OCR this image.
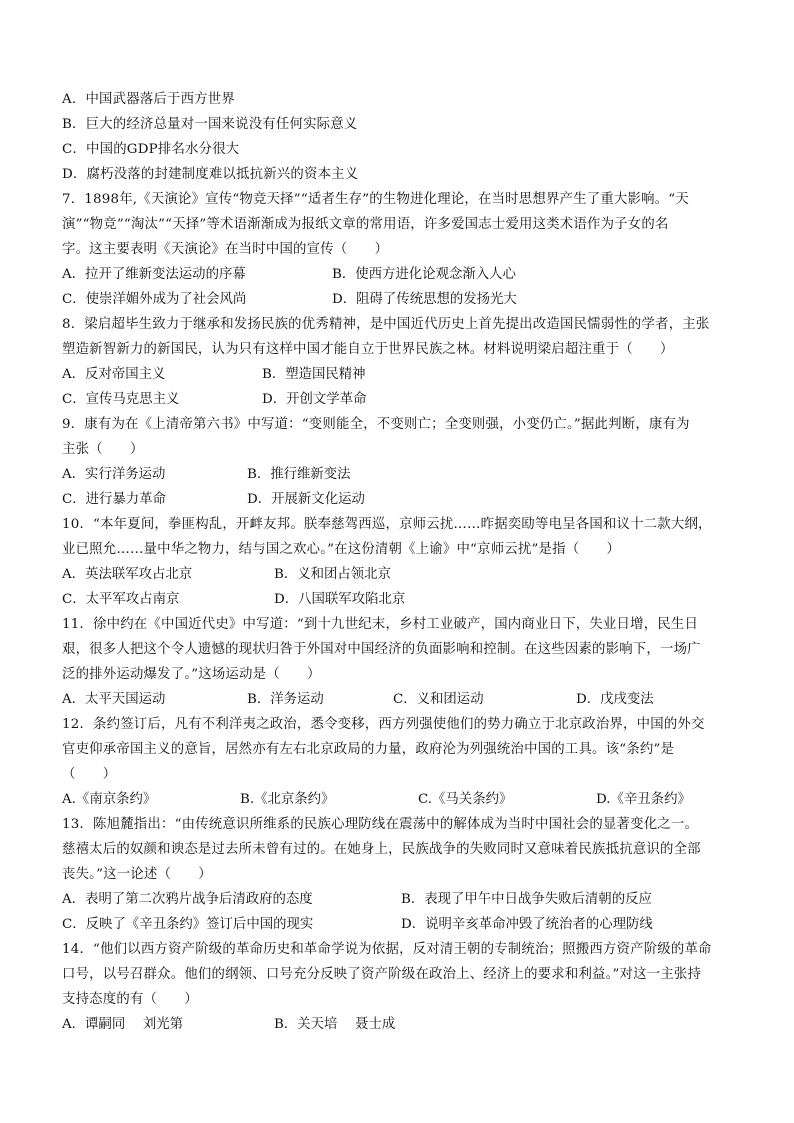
A．中国武器落后于西方世界
B．巨大的经济总量对一国来说没有任何实际意义
C．中国的GDP排名水分很大
D．腐朽没落的封建制度难以抵抗新兴的资本主义
7．1898年,《天演论》宣传“物竞天择”“适者生存”的生物进化理论，在当时思想界产生了重大影响。“天
演”“物竞”“淘汰”“天择”等术语渐渐成为报纸文章的常用语，许多爱国志士爱用这类术语作为子女的名
字。这主要表明《天演论》在当时中国的宣传（　　）
A．拉开了维新变法运动的序幕	B．使西方进化论观念渐入人心
C．使崇洋媚外成为了社会风尚	D．阻碍了传统思想的发扬光大
8．梁启超毕生致力于继承和发扬民族的优秀精神，是中国近代历史上首先提出改造国民懦弱性的学者，主张
塑造新智新力的新国民，认为只有这样中国才能自立于世界民族之林。材料说明梁启超注重于（　　）
A．反对帝国主义	B．塑造国民精神
C．宣传马克思主义	D．开创文学革命
9．康有为在《上清帝第六书》中写道：“变则能全，不变则亡；全变则强，小变仍亡。”据此判断，康有为
主张（　　）
A．实行洋务运动	B．推行维新变法
C．进行暴力革命	D．开展新文化运动
10．“本年夏间，拳匪构乱，开衅友邦。朕奉慈驾西巡，京师云扰……昨据奕劻等电呈各国和议十二款大纲，
业已照允……量中华之物力，结与国之欢心。”在这份清朝《上谕》中“京师云扰”是指（　　）
A．英法联军攻占北京	B．义和团占领北京
C．太平军攻占南京	D．八国联军攻陷北京
11．徐中约在《中国近代史》中写道：“到十九世纪末，乡村工业破产，国内商业日下，失业日增，民生日
艰，很多人把这个令人遗憾的现状归咎于外国对中国经济的负面影响和控制。在这些因素的影响下，一场广
泛的排外运动爆发了。”这场运动是（　　）
A．太平天国运动	B．洋务运动	C．义和团运动	D．戊戌变法
12．条约签订后，凡有不利洋夷之政治，悉令变移，西方列强使他们的势力确立于北京政治界，中国的外交
官吏仰承帝国主义的意旨，居然亦有左右北京政局的力量，政府沦为列强统治中国的工具。该“条约”是
（　　）
A.《南京条约》	B.《北京条约》	C.《马关条约》	D.《辛丑条约》
13．陈旭麓指出：“由传统意识所维系的民族心理防线在震荡中的解体成为当时中国社会的显著变化之一。
慈禧太后的奴颜和谀态是过去所未曾有过的。在她身上，民族战争的失败同时又意味着民族抵抗意识的全部
丧失。”这一论述（　　）
A．表明了第二次鸦片战争后清政府的态度	B．表现了甲午中日战争失败后清朝的反应
C．反映了《辛丑条约》签订后中国的现实	D．说明辛亥革命冲毁了统治者的心理防线
14．“他们以西方资产阶级的革命历史和革命学说为依据，反对清王朝的专制统治；照搬西方资产阶级的革命
口号，以号召群众。他们的纲领、口号充分反映了资产阶级在政治上、经济上的要求和利益。”对这一主张持
支持态度的有（　　）
A．谭嗣同　 刘光第	B．关天培　 聂士成
